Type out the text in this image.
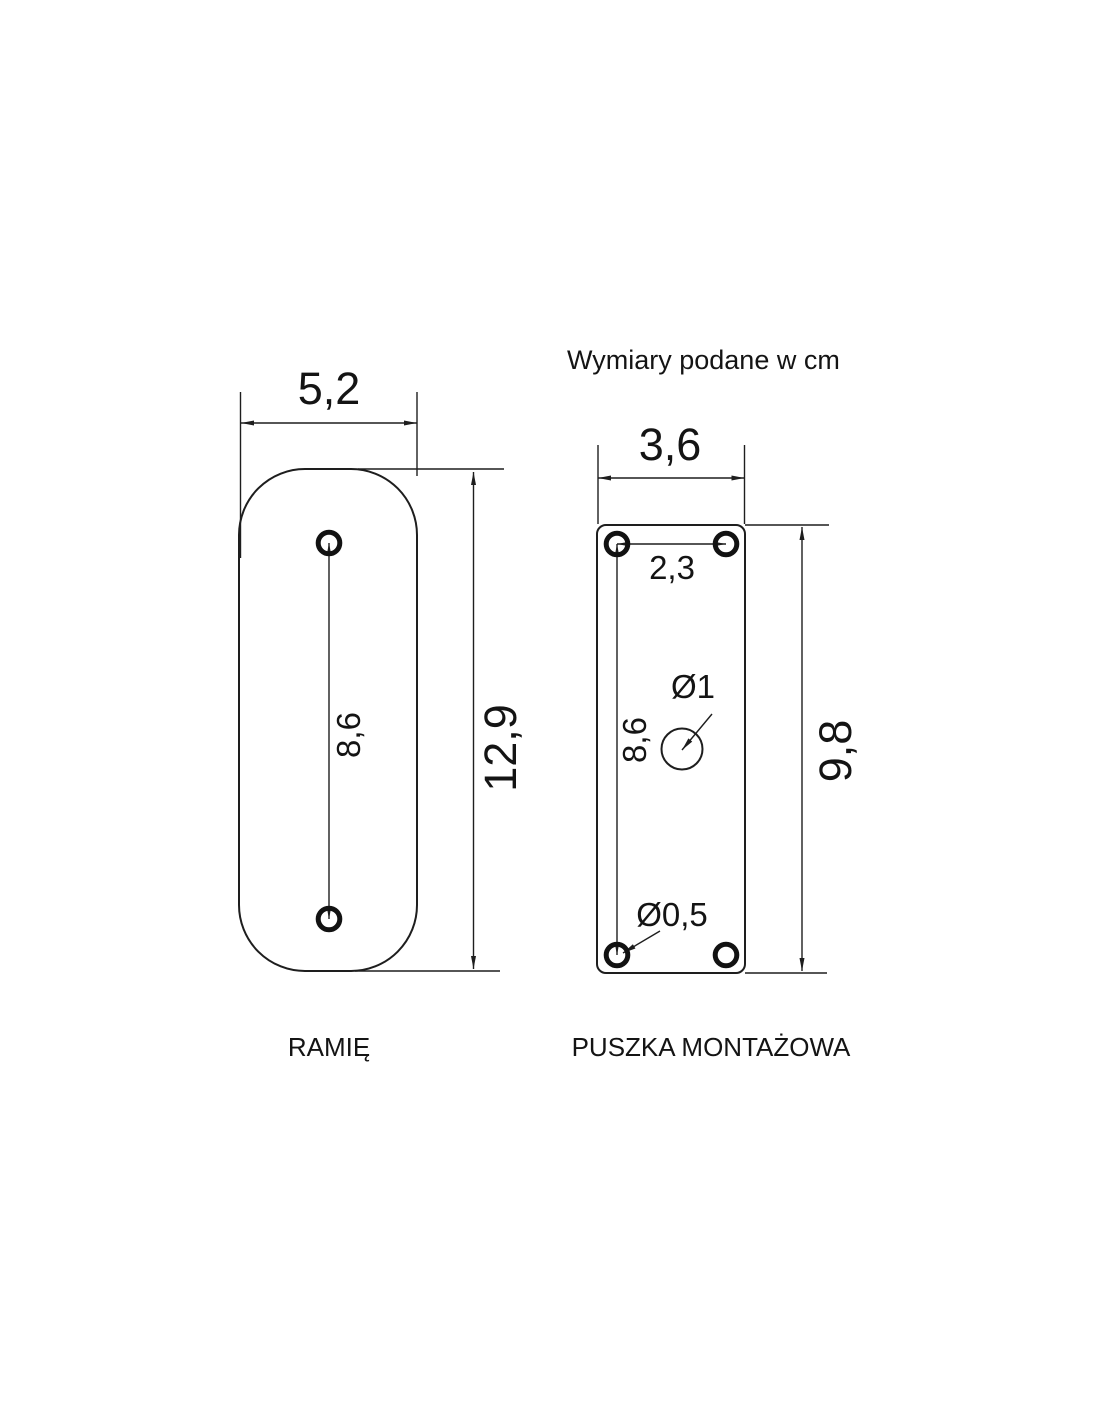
Wymiary podane w cm
5,2
12,9
8,6
RAMIĘ
3,6
9,8
2,3
8,6
Ø1
Ø0,5
PUSZKA MONTAŻOWA
